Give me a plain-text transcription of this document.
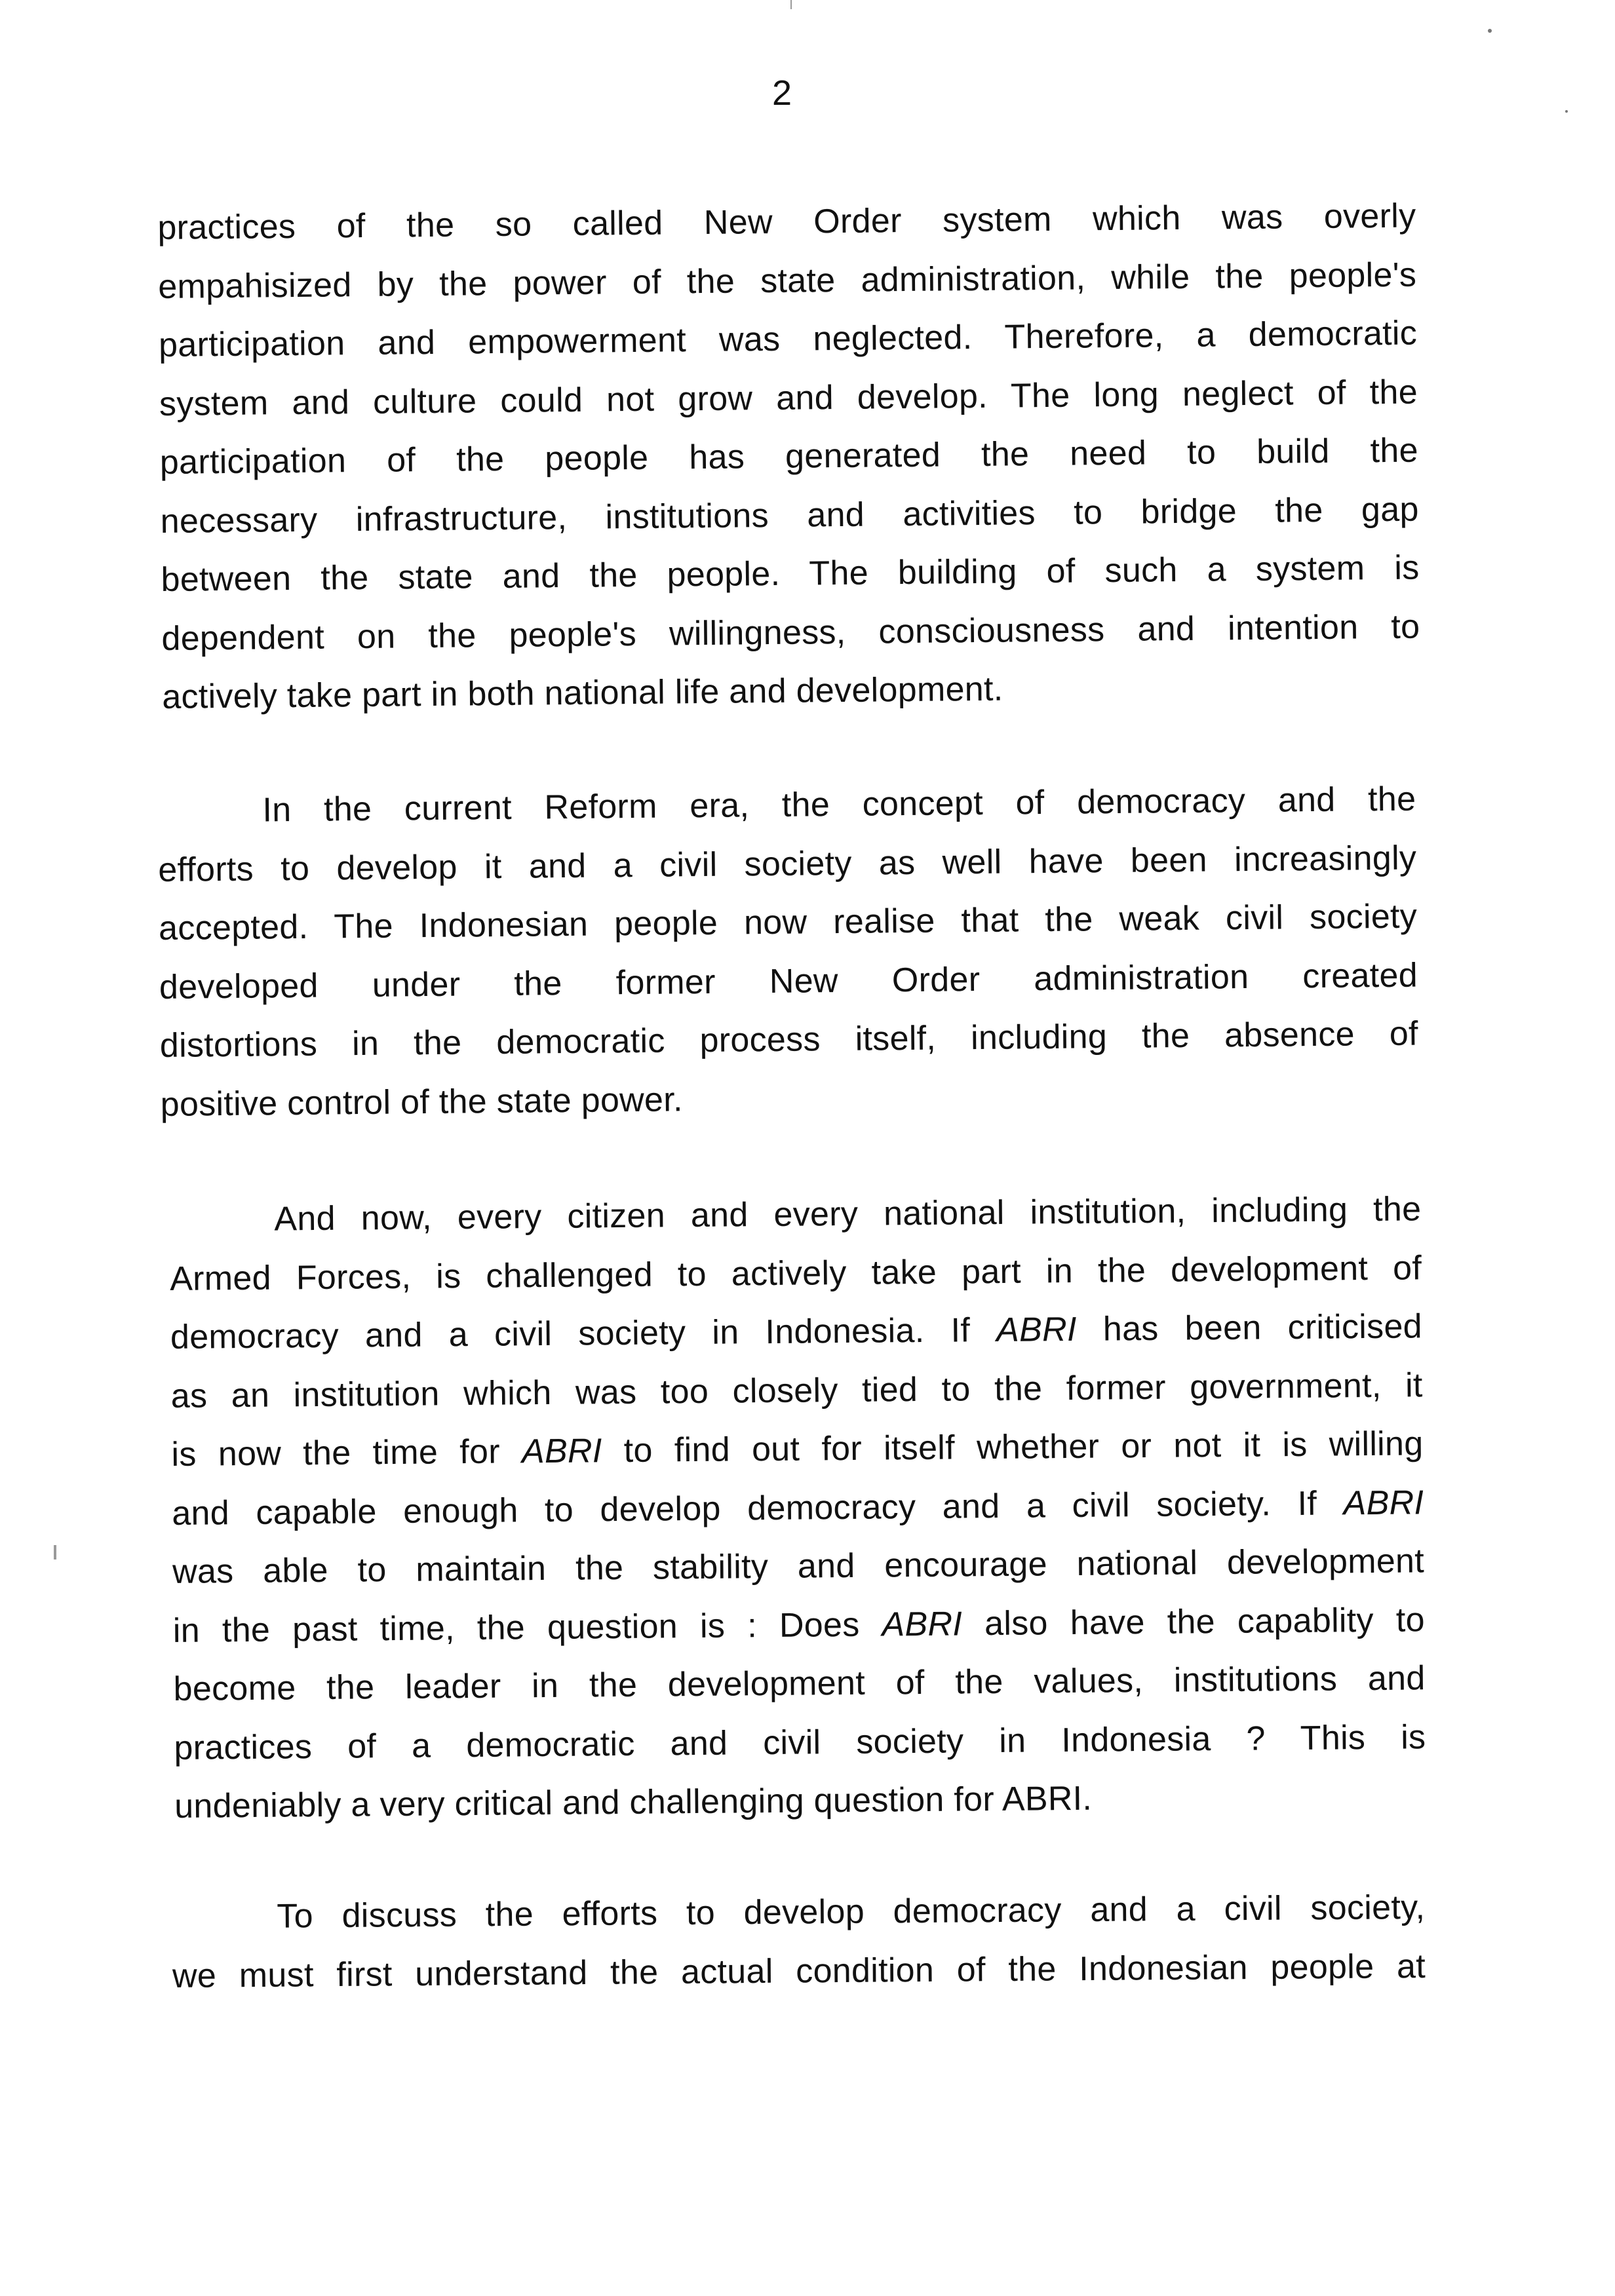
2
practices of the so called New Order system which was overly
empahisized by the power of the state administration, while the people's
participation and empowerment was neglected. Therefore, a democratic
system and culture could not grow and develop. The long neglect of the
participation of the people has generated the need to build the
necessary infrastructure, institutions and activities to bridge the gap
between the state and the people. The building of such a system is
dependent on the people's willingness, consciousness and intention to
actively take part in both national life and development.
In the current Reform era, the concept of democracy and the
efforts to develop it and a civil society as well have been increasingly
accepted. The Indonesian people now realise that the weak civil society
developed under the former New Order administration created
distortions in the democratic process itself, including the absence of
positive control of the state power.
And now, every citizen and every national institution, including the
Armed Forces, is challenged to actively take part in the development of
democracy and a civil society in Indonesia. If ABRI has been criticised
as an institution which was too closely tied to the former government, it
is now the time for ABRI to find out for itself whether or not it is willing
and capable enough to develop democracy and a civil society. If ABRI
was able to maintain the stability and encourage national development
in the past time, the question is : Does ABRI also have the capablity to
become the leader in the development of the values, institutions and
practices of a democratic and civil society in Indonesia ? This is
undeniably a very critical and challenging question for ABRI.
To discuss the efforts to develop democracy and a civil society,
we must first understand the actual condition of the Indonesian people at
